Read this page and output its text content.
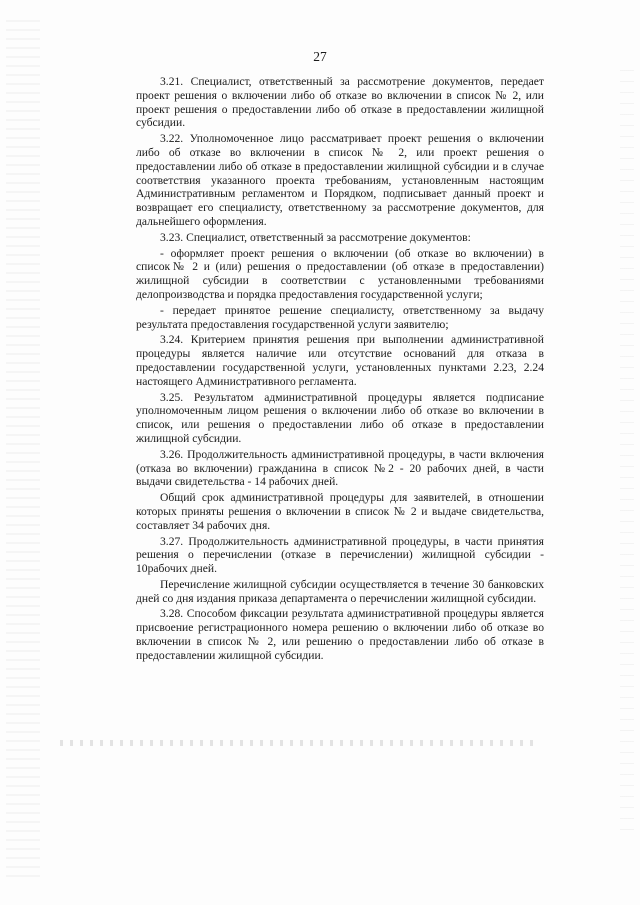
27

3.21. Специалист, ответственный за рассмотрение документов, передает проект решения о включении либо об отказе во включении в список № 2, или проект решения о предоставлении либо об отказе в предоставлении жилищной субсидии.

3.22. Уполномоченное лицо рассматривает проект решения о включении либо об отказе во включении в список № 2, или проект решения о предоставлении либо об отказе в предоставлении жилищной субсидии и в случае соответствия указанного проекта требованиям, установленным настоящим Административным регламентом и Порядком, подписывает данный проект и возвращает его специалисту, ответственному за рассмотрение документов, для дальнейшего оформления.

3.23. Специалист, ответственный за рассмотрение документов:

- оформляет проект решения о включении (об отказе во включении) в список№ 2 и (или) решения о предоставлении (об отказе в предоставлении) жилищной субсидии в соответствии с установленными требованиями делопроизводства и порядка предоставления государственной услуги;

- передает принятое решение специалисту, ответственному за выдачу результата предоставления государственной услуги заявителю;

3.24. Критерием принятия решения при выполнении административной процедуры является наличие или отсутствие оснований для отказа в предоставлении государственной услуги, установленных пунктами 2.23, 2.24 настоящего Административного регламента.

3.25. Результатом административной процедуры является подписание уполномоченным лицом решения о включении либо об отказе во включении в список, или решения о предоставлении либо об отказе в предоставлении жилищной субсидии.

3.26. Продолжительность административной процедуры, в части включения (отказа во включении) гражданина в список №2 - 20 рабочих дней, в части выдачи свидетельства - 14 рабочих дней.

Общий срок административной процедуры для заявителей, в отношении которых приняты решения о включении в список № 2 и выдаче свидетельства, составляет 34 рабочих дня.

3.27. Продолжительность административной процедуры, в части принятия решения о перечислении (отказе в перечислении) жилищной субсидии - 10рабочих дней.

Перечисление жилищной субсидии осуществляется в течение 30 банковских дней со дня издания приказа департамента о перечислении жилищной субсидии.

3.28. Способом фиксации результата административной процедуры является присвоение регистрационного номера решению о включении либо об отказе во включении в список № 2, или решению о предоставлении либо об отказе в предоставлении жилищной субсидии.
